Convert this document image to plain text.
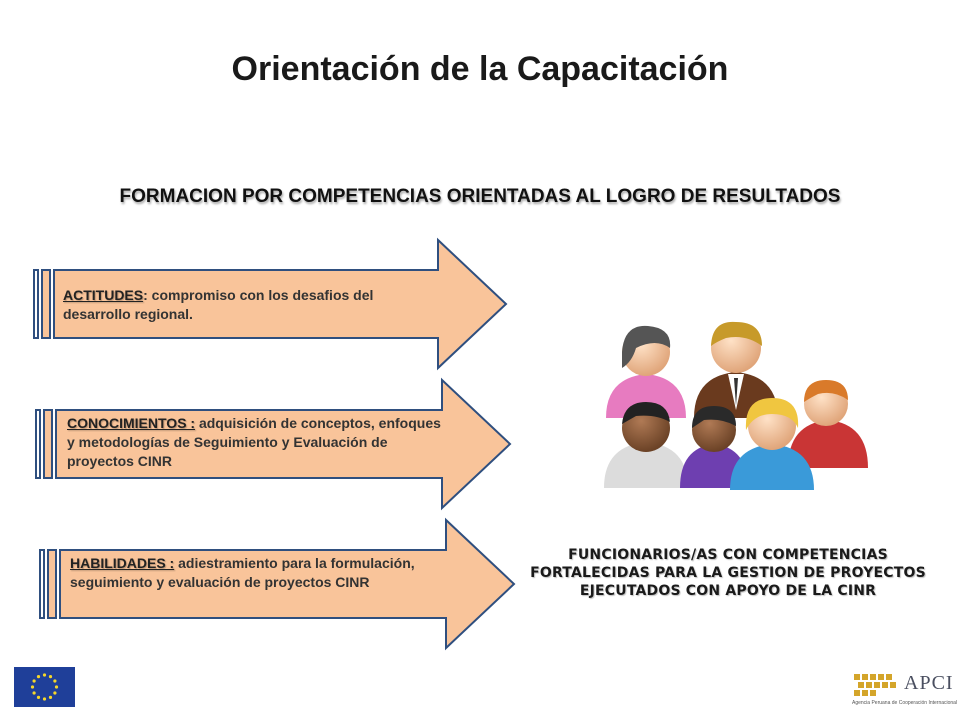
Orientación de la Capacitación
FORMACION POR COMPETENCIAS ORIENTADAS AL LOGRO DE RESULTADOS
ACTITUDES: compromiso con los desafios del desarrollo regional.
CONOCIMIENTOS : adquisición de conceptos, enfoques y metodologías de Seguimiento y Evaluación de proyectos CINR
HABILIDADES : adiestramiento para la formulación, seguimiento y evaluación de proyectos CINR
FUNCIONARIOS/AS CON COMPETENCIAS FORTALECIDAS PARA LA GESTION DE PROYECTOS EJECUTADOS CON APOYO DE LA CINR
APCI
Agencia Peruana de Cooperación Internacional
